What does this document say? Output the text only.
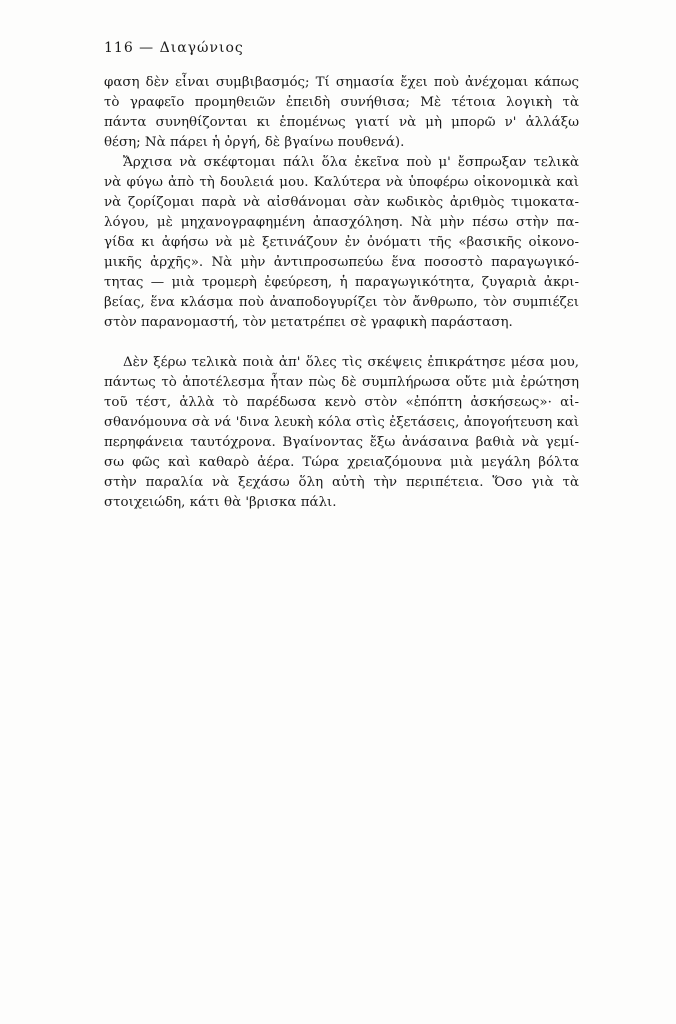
116 — Διαγώνιος
φαση δὲν εἶναι συμβιβασμός; Τί σημασία ἔχει ποὺ ἀνέχομαι κάπως
τὸ γραφεῖο προμηθειῶν ἐπειδὴ συνήθισα; Μὲ τέτοια λογικὴ τὰ
πάντα συνηθίζονται κι ἑπομένως γιατί νὰ μὴ μπορῶ ν' ἀλλάξω
θέση; Νὰ πάρει ἡ ὀργή, δὲ βγαίνω πουθενά).
Ἄρχισα νὰ σκέφτομαι πάλι ὅλα ἐκεῖνα ποὺ μ' ἔσπρωξαν τελικὰ
νὰ φύγω ἀπὸ τὴ δουλειά μου. Καλύτερα νὰ ὑποφέρω οἰκονομικὰ καὶ
νὰ ζορίζομαι παρὰ νὰ αἰσθάνομαι σὰν κωδικὸς ἀριθμὸς τιμοκατα-
λόγου, μὲ μηχανογραφημένη ἀπασχόληση. Νὰ μὴν πέσω στὴν πα-
γίδα κι ἀφήσω νὰ μὲ ξετινάζουν ἐν ὀνόματι τῆς «βασικῆς οἰκονο-
μικῆς ἀρχῆς». Νὰ μὴν ἀντιπροσωπεύω ἕνα ποσοστὸ παραγωγικό-
τητας — μιὰ τρομερὴ ἐφεύρεση, ἡ παραγωγικότητα, ζυγαριὰ ἀκρι-
βείας, ἕνα κλάσμα ποὺ ἀναποδογυρίζει τὸν ἄνθρωπο, τὸν συμπιέζει
στὸν παρανομαστή, τὸν μετατρέπει σὲ γραφικὴ παράσταση.
Δὲν ξέρω τελικὰ ποιὰ ἀπ' ὅλες τὶς σκέψεις ἐπικράτησε μέσα μου,
πάντως τὸ ἀποτέλεσμα ἦταν πὼς δὲ συμπλήρωσα οὔτε μιὰ ἐρώτηση
τοῦ τέστ, ἀλλὰ τὸ παρέδωσα κενὸ στὸν «ἐπόπτη ἀσκήσεως»· αἰ-
σθανόμουνα σὰ νά 'δινα λευκὴ κόλα στὶς ἐξετάσεις, ἀπογοήτευση καὶ
περηφάνεια ταυτόχρονα. Βγαίνοντας ἔξω ἀνάσαινα βαθιὰ νὰ γεμί-
σω φῶς καὶ καθαρὸ ἀέρα. Τώρα χρειαζόμουνα μιὰ μεγάλη βόλτα
στὴν παραλία νὰ ξεχάσω ὅλη αὐτὴ τὴν περιπέτεια. Ὅσο γιὰ τὰ
στοιχειώδη, κάτι θὰ 'βρισκα πάλι.
